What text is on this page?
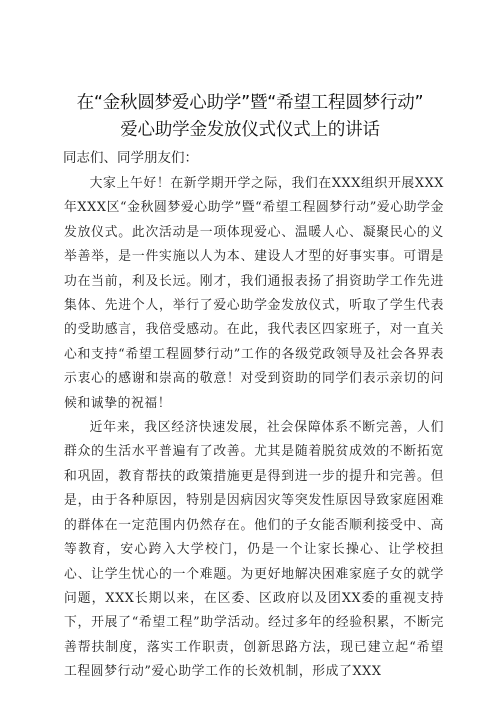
在“金秋圆梦爱心助学”暨“希望工程圆梦行动”
爱心助学金发放仪式仪式上的讲话
同志们、同学朋友们：

大家上午好！在新学期开学之际，我们在XXX组织开展XXX年XXX区“金秋圆梦爱心助学”暨“希望工程圆梦行动”爱心助学金发放仪式。此次活动是一项体现爱心、温暖人心、凝聚民心的义举善举，是一件实施以人为本、建设人才型的好事实事。可谓是功在当前，利及长远。刚才，我们通报表扬了捐资助学工作先进集体、先进个人，举行了爱心助学金发放仪式，听取了学生代表的受助感言，我倍受感动。在此，我代表区四家班子，对一直关心和支持“希望工程圆梦行动”工作的各级党政领导及社会各界表示衷心的感谢和崇高的敬意！对受到资助的同学们表示亲切的问候和诚挚的祝福！

近年来，我区经济快速发展，社会保障体系不断完善，人们群众的生活水平普遍有了改善。尤其是随着脱贫成效的不断拓宽和巩固，教育帮扶的政策措施更是得到进一步的提升和完善。但是，由于各种原因，特别是因病因灾等突发性原因导致家庭困难的群体在一定范围内仍然存在。他们的子女能否顺利接受中、高等教育，安心跨入大学校门，仍是一个让家长操心、让学校担心、让学生忧心的一个难题。为更好地解决困难家庭子女的就学问题，XXX长期以来，在区委、区政府以及团XX委的重视支持下，开展了“希望工程”助学活动。经过多年的经验积累，不断完善帮扶制度，落实工作职责，创新思路方法，现已建立起“希望工程圆梦行动”爱心助学工作的长效机制，形成了XXX
